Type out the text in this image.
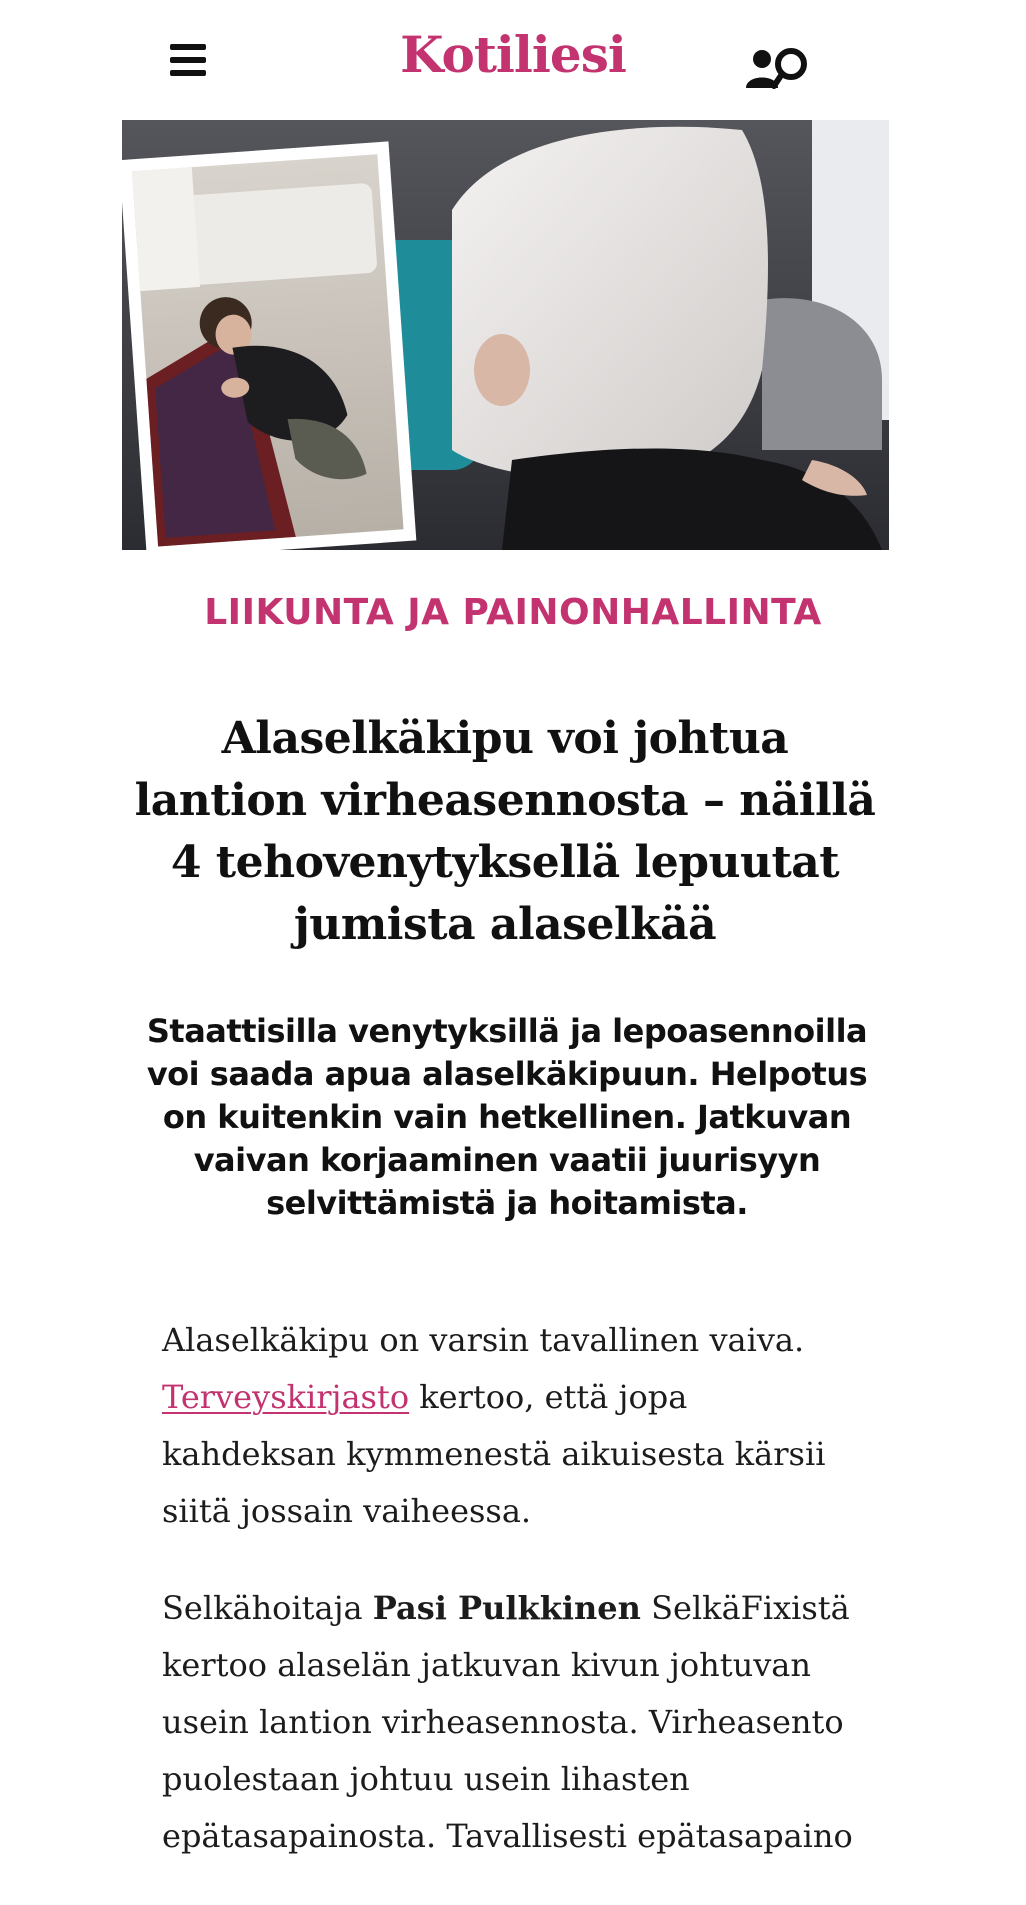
Kotiliesi
LIIKUNTA JA PAINONHALLINTA
Alaselkäkipu voi johtua lantion virheasennosta – näillä 4 tehovenytyksellä lepuutat jumista alaselkää

Staattisilla venytyksillä ja lepoasennoilla voi saada apua alaselkäkipuun. Helpotus on kuitenkin vain hetkellinen. Jatkuvan vaivan korjaaminen vaatii juurisyyn selvittämistä ja hoitamista.

Alaselkäkipu on varsin tavallinen vaiva. Terveyskirjasto kertoo, että jopa kahdeksan kymmenestä aikuisesta kärsii siitä jossain vaiheessa.

Selkähoitaja Pasi Pulkkinen SelkäFixistä kertoo alaselän jatkuvan kivun johtuvan usein lantion virheasennosta. Virheasento puolestaan johtuu usein lihasten epätasapainosta. Tavallisesti epätasapaino
